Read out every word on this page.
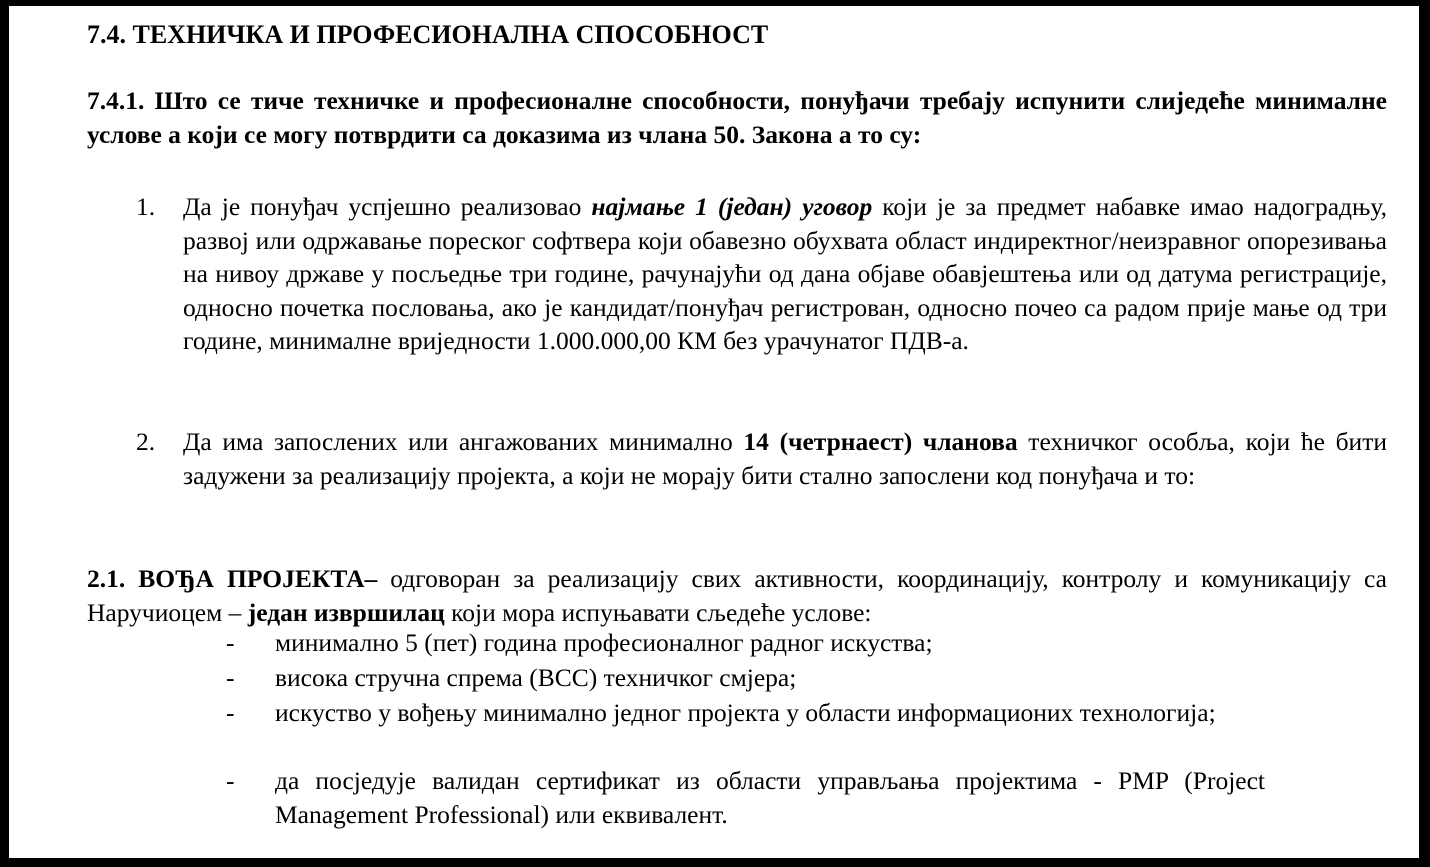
7.4. ТЕХНИЧКА И ПРОФЕСИОНАЛНА СПОСОБНОСТ
7.4.1. Што се тиче техничке и професионалне способности, понуђачи требају испунити слиједеће минималне услове а који се могу потврдити са доказима из члана 50. Закона а то су:
1. Да је понуђач успјешно реализовао најмање 1 (један) уговор који је за предмет набавке имао надоградњу, развој или одржавање пореског софтвера који обавезно обухвата област индиректног/неизравног опорезивања на нивоу државе у посљедње три године, рачунајући од дана објаве обавјештења или од датума регистрације, односно почетка пословања, ако је кандидат/понуђач регистрован, односно почео са радом прије мање од три године, минималне вриједности 1.000.000,00 КМ без урачунатог ПДВ-а.
2. Да има запослених или ангажованих минимално 14 (четрнаест) чланова техничког особља, који ће бити задужени за реализацију пројекта, а који не морају бити стално запослени код понуђача и то:
2.1. ВОЂА ПРОЈЕКТА– одговоран за реализацију свих активности, координацију, контролу и комуникацију са Наручиоцем – један извршилац који мора испуњавати сљедеће услове:
- минимално 5 (пет) година професионалног радног искуства;
- висока стручна спрема (ВСС) техничког смјера;
- искуство у вођењу минимално једног пројекта у области информационих технологија;
- да посједује валидан сертификат из области управљања пројектима - PMP (Project Management Professional) или еквивалент.
